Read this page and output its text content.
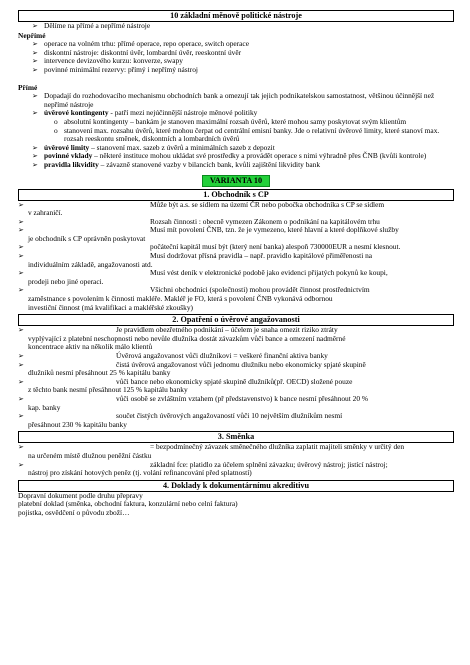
10 základní měnově politické nástroje
➢ Dělíme na přímé a nepřímé nástroje
Nepřímé
➢ operace na volném trhu: přímé operace, repo operace, switch operace
➢ diskontní nástroje: diskontní úvěr, lombardní úvěr, reeskontní úvěr
➢ intervence devizového kurzu: konverze, swapy
➢ povinné minimální rezervy: přímý i nepřímý nástroj
Přímé
➢ Dopadají do rozhodovacího mechanismu obchodních bank a omezují tak jejich podnikatelskou samostatnost, většinou účinnější než nepřímé nástroje
➢ úvěrové kontingenty - patří mezi nejúčinnější nástroje měnové politiky
o absolutní kontingenty – bankám je stanoven maximální rozsah úvěrů, které mohou samy poskytovat svým klientům
o stanovení max. rozsahu úvěrů, které mohou čerpat od centrální emisní banky. Jde o relativní úvěrové limity, které stanoví max. rozsah reeskontu směnek, diskontních a lombardních úvěrů
➢ úvěrové limity – stanovení max. sazeb z úvěrů a minimálních sazeb z depozit
➢ povinné vklady – některé instituce mohou ukládat své prostředky a provádět operace s nimi výhradně přes ČNB (kvůli kontrole)
➢ pravidla likvidity – závazně stanovené vazby v bilancích bank, kvůli zajištění likvidity bank
VARIANTA 10
1. Obchodník s CP
➢	Může být a.s. se sídlem na území ČR nebo pobočka obchodníka s CP se sídlem
v zahraničí.
➢	Rozsah činnosti : obecně vymezen Zákonem o podnikání na kapitálovém trhu
➢	Musí mít povolení ČNB, tzn. že je vymezeno, které hlavní a které doplňkové služby
je obchodník s CP oprávněn poskytovat
➢	počáteční kapitál musí být (který není banka) alespoň 730000EUR a nesmí klesnout.
➢	Musí dodržovat přísná pravidla – např. pravidlo kapitálové přiměřenosti na
individuálním základě, angažovanosti atd.
➢	Musí vést deník v elektronické podobě jako evidenci přijatých pokynů ke koupi,
prodeji nebo jiné operaci.
➢	Všichni obchodníci (společnosti) mohou provádět činnost prostřednictvím
zaměstnance s povolením k činnosti makléře. Makléř je FO, která s povolení ČNB vykonává odbornou
investiční činnost (má kvalifikaci a makléřské zkoušky)
2. Opatření o úvěrové angažovanosti
➢	Je pravidlem obezřetného podnikání – účelem je snaha omezit riziko ztráty
vyplývající z platební neschopnosti nebo nevůle dlužníka dostát závazkům vůči bance a omezení nadměrné
koncentrace aktiv na několik málo klientů
➢	Úvěrová angažovanost vůči dlužníkovi = veškeré finanční aktiva banky
➢	čistá úvěrová angažovanost vůči jednomu dlužníku nebo ekonomicky spjaté skupině
dlužníků nesmí přesáhnout 25 % kapitálu banky
➢	vůči bance nebo ekonomicky spjaté skupině dlužníků(př. OECD) složené pouze
z těchto bank nesmí přesáhnout 125 % kapitálu banky
➢	vůči osobě se zvláštním vztahem (př představenstvo) k bance nesmí přesáhnout 20 %
kap. banky
➢	součet čistých úvěrových angažovaností vůči 10 největším dlužníkům nesmí
přesáhnout 230 % kapitálu banky
3. Směnka
➢	= bezpodmínečný závazek směnečného dlužníka zaplatit majiteli směnky v určitý den
na určeném místě dlužnou peněžní částku
➢	základní fce: platidlo za účelem splnění závazku; úvěrový nástroj; jistící nástroj;
nástroj pro získání hotových peněz (tj. volání refinancování před splatností)
4. Doklady k dokumentárnímu akreditivu
Dopravní dokument podle druhu přepravy
platební doklad (směnka, obchodní faktura, konzulární nebo celní faktura)
pojistka, osvědčení o původu zboží…
